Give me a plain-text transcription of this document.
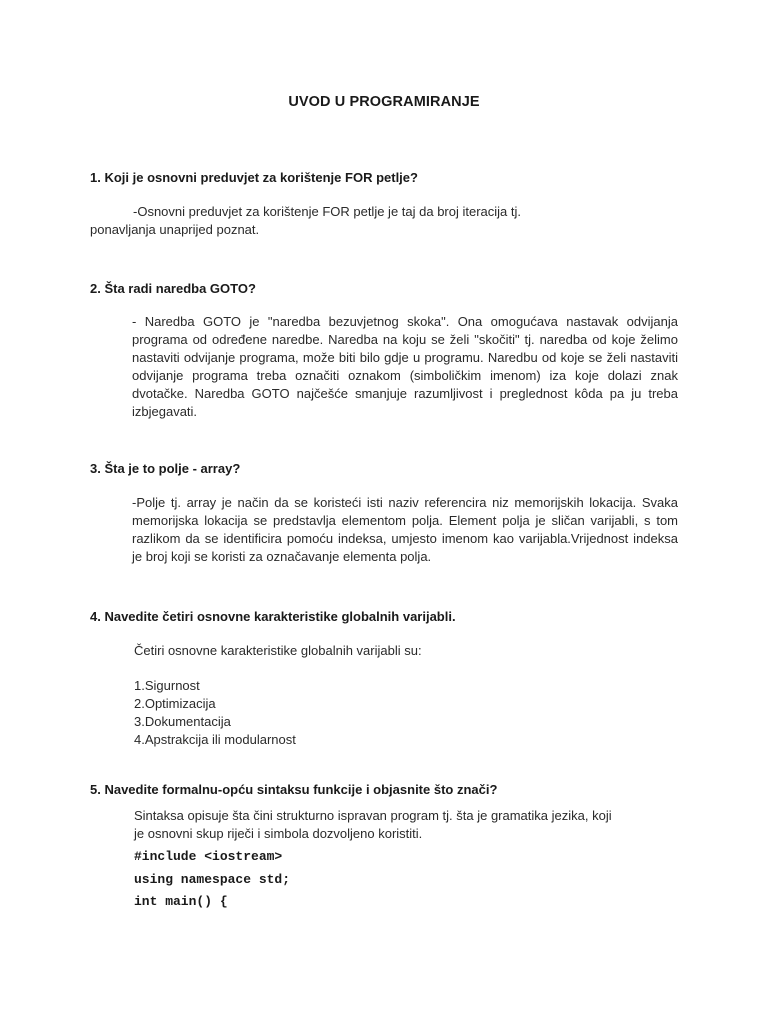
UVOD U PROGRAMIRANJE
1. Koji je osnovni preduvjet za korištenje FOR petlje?
-Osnovni preduvjet za korištenje FOR petlje je taj da broj iteracija tj. ponavljanja unaprijed poznat.
2. Šta radi naredba GOTO?
- Naredba GOTO je "naredba bezuvjetnog skoka". Ona omogućava nastavak odvijanja programa od određene naredbe. Naredba na koju se želi "skočiti" tj. naredba od koje želimo nastaviti odvijanje programa, može biti bilo gdje u programu. Naredbu od koje se želi nastaviti odvijanje programa treba označiti oznakom (simboličkim imenom) iza koje dolazi znak dvotačke. Naredba GOTO najčešće smanjuje razumljivost i preglednost kôda pa ju treba izbjegavati.
3. Šta je to polje - array?
-Polje tj. array je način da se koristeći isti naziv referencira niz memorijskih lokacija. Svaka memorijska lokacija se predstavlja elementom polja. Element polja je sličan varijabli, s tom razlikom da se identificira pomoću indeksa, umjesto imenom kao varijabla.Vrijednost indeksa je broj koji se koristi za označavanje elementa polja.
4. Navedite četiri osnovne karakteristike globalnih varijabli.
Četiri osnovne karakteristike globalnih varijabli su:
1.Sigurnost
2.Optimizacija
3.Dokumentacija
4.Apstrakcija ili modularnost
5. Navedite formalnu-opću sintaksu funkcije i objasnite što znači?
Sintaksa opisuje šta čini strukturno ispravan program tj. šta je gramatika jezika, koji
je osnovni skup riječi i simbola dozvoljeno koristiti.
#include <iostream>
using namespace std;
int main() {
